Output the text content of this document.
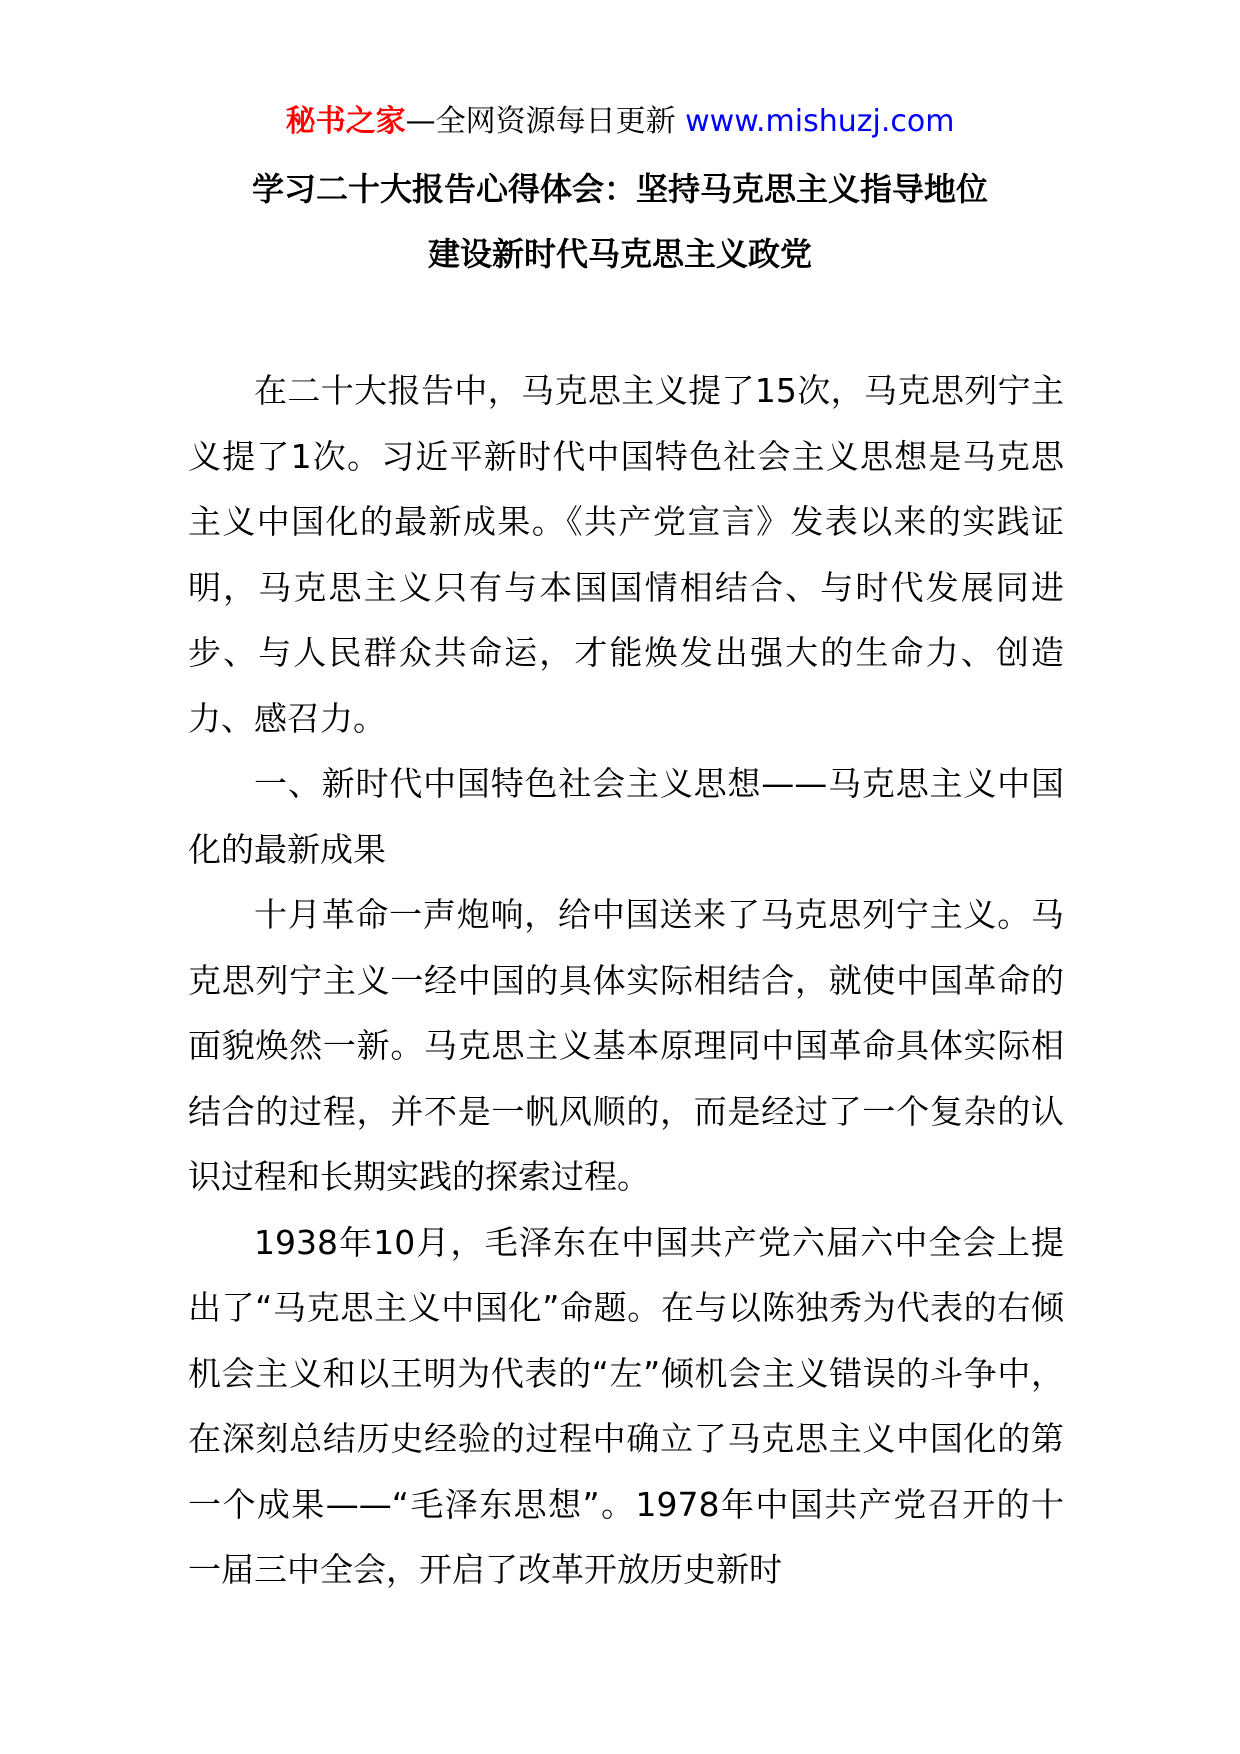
秘书之家—全网资源每日更新 www.mishuzj.com
学习二十大报告心得体会：坚持马克思主义指导地位
建设新时代马克思主义政党

在二十大报告中，马克思主义提了15次，马克思列宁主义提了1次。习近平新时代中国特色社会主义思想是马克思主义中国化的最新成果。《共产党宣言》发表以来的实践证明，马克思主义只有与本国国情相结合、与时代发展同进步、与人民群众共命运，才能焕发出强大的生命力、创造力、感召力。

一、新时代中国特色社会主义思想——马克思主义中国化的最新成果

十月革命一声炮响，给中国送来了马克思列宁主义。马克思列宁主义一经中国的具体实际相结合，就使中国革命的面貌焕然一新。马克思主义基本原理同中国革命具体实际相结合的过程，并不是一帆风顺的，而是经过了一个复杂的认识过程和长期实践的探索过程。

1938年10月，毛泽东在中国共产党六届六中全会上提出了“马克思主义中国化”命题。在与以陈独秀为代表的右倾机会主义和以王明为代表的“左”倾机会主义错误的斗争中，在深刻总结历史经验的过程中确立了马克思主义中国化的第一个成果——“毛泽东思想”。1978年中国共产党召开的十一届三中全会，开启了改革开放历史新时
